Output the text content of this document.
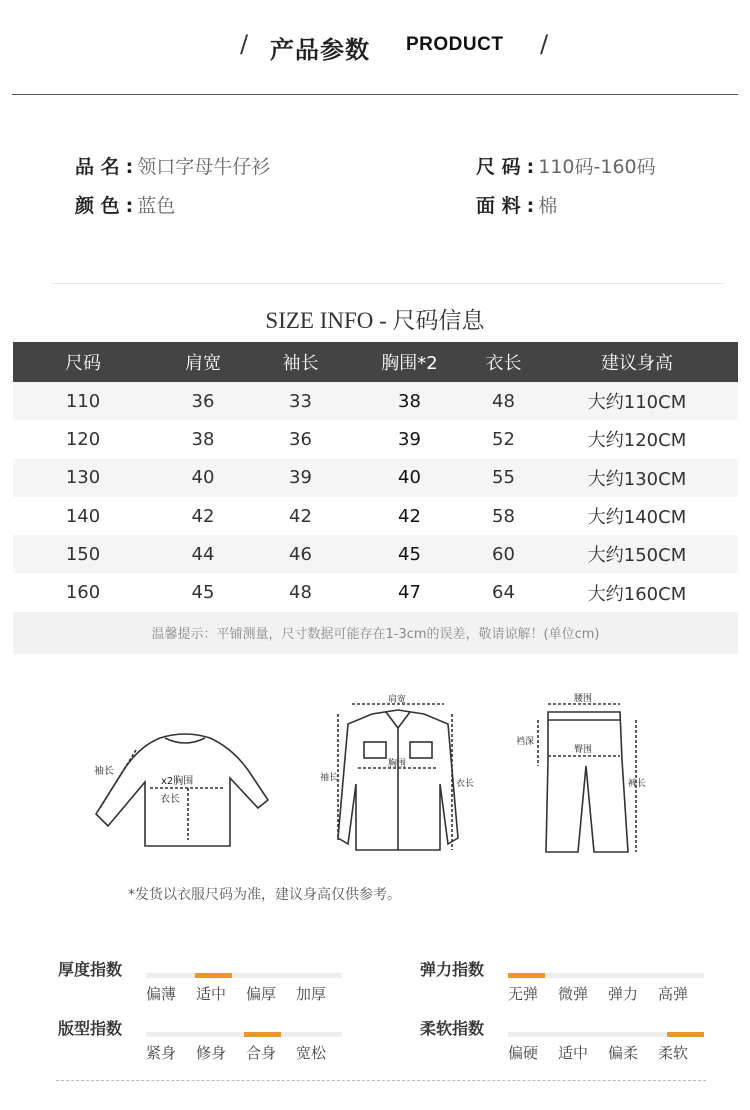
/ 产品参数 PRODUCT /
品 名 : 领口字母牛仔衫
颜 色 : 蓝色
尺 码 : 110码-160码
面 料 : 棉
SIZE INFO - 尺码信息
尺码	肩宽	袖长	胸围*2	衣长	建议身高
110	36	33	38	48	大约110CM
120	38	36	39	52	大约120CM
130	40	39	40	55	大约130CM
140	42	42	42	58	大约140CM
150	44	46	45	60	大约150CM
160	45	48	47	64	大约160CM
温馨提示：平铺测量，尺寸数据可能存在1-3cm的误差，敬请谅解！(单位cm)
x2胸围
袖长
衣长
肩宽
胸围
袖长
衣长
腰围
臀围
裆深
裤长
*发货以衣服尺码为准，建议身高仅供参考。
厚度指数
偏薄	适中	偏厚	加厚
弹力指数
无弹	微弹	弹力	高弹
版型指数
紧身	修身	合身	宽松
柔软指数
偏硬	适中	偏柔	柔软
